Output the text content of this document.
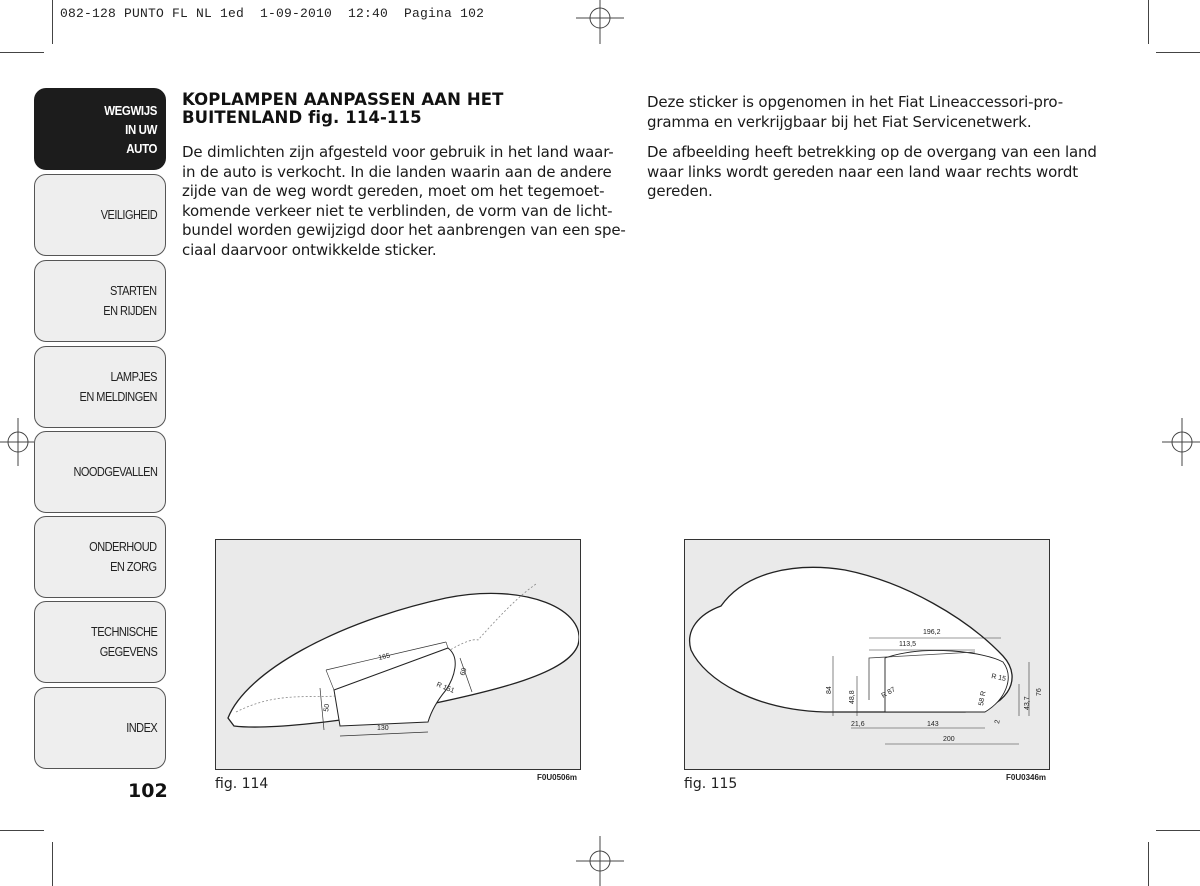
082-128 PUNTO FL NL 1ed  1-09-2010  12:40  Pagina 102
WEGWIJS
IN UW
AUTO
VEILIGHEID
STARTEN
EN RIJDEN
LAMPJES
EN MELDINGEN
NOODGEVALLEN
ONDERHOUD
EN ZORG
TECHNISCHE
GEGEVENS
INDEX
102
KOPLAMPEN AANPASSEN AAN HET
BUITENLAND fig. 114-115
De dimlichten zijn afgesteld voor gebruik in het land waar-
in de auto is verkocht. In die landen waarin aan de andere
zijde van de weg wordt gereden, moet om het tegemoet-
komende verkeer niet te verblinden, de vorm van de licht-
bundel worden gewijzigd door het aanbrengen van een spe-
ciaal daarvoor ontwikkelde sticker.
Deze sticker is opgenomen in het Fiat Lineaccessori-pro-
gramma en verkrijgbaar bij het Fiat Servicenetwerk.
De afbeelding heeft betrekking op de overgang van een land
waar links wordt gereden naar een land waar rechts wordt
gereden.
165
69
R 151
50
130
fig. 114	F0U0506m
196,2
113,5
R 15
84
48,8	R 87	58 R	43,7
76
21,6	143	2
200
fig. 115	F0U0346m
